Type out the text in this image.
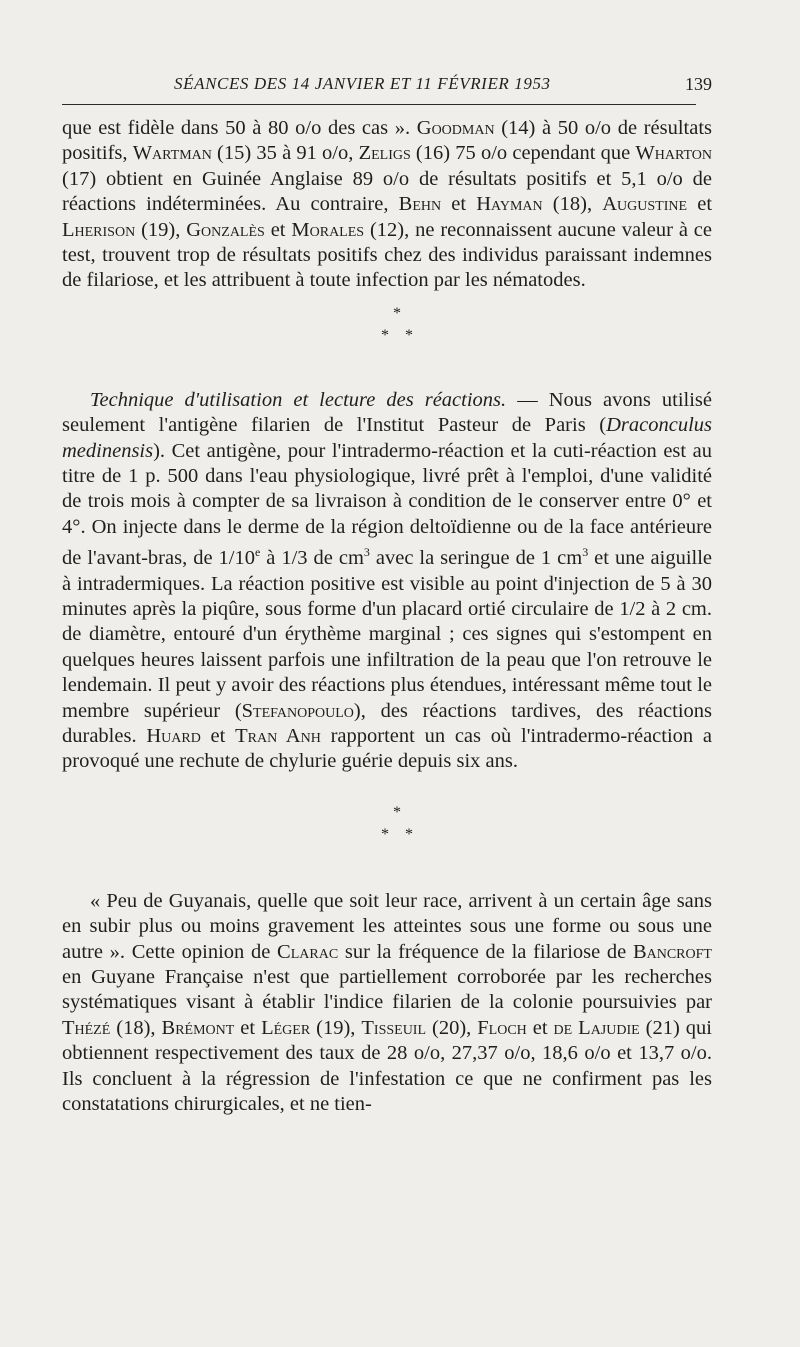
SÉANCES DES 14 JANVIER ET 11 FÉVRIER 1953	139

que est fidèle dans 50 à 80 o/o des cas ». Goodman (14) à 50 o/o de résultats positifs, Wartman (15) 35 à 91 o/o, Zeligs (16) 75 o/o cependant que Wharton (17) obtient en Guinée Anglaise 89 o/o de résultats positifs et 5,1 o/o de réactions indéterminées. Au contraire, Behn et Hayman (18), Augustine et Lherison (19), Gonzalès et Morales (12), ne reconnaissent aucune valeur à ce test, trouvent trop de résultats positifs chez des individus paraissant indemnes de filariose, et les attribuent à toute infection par les nématodes.

*
* *

Technique d'utilisation et lecture des réactions. — Nous avons utilisé seulement l'antigène filarien de l'Institut Pasteur de Paris (Draconculus medinensis). Cet antigène, pour l'intradermo-réaction et la cuti-réaction est au titre de 1 p. 500 dans l'eau physiologique, livré prêt à l'emploi, d'une validité de trois mois à compter de sa livraison à condition de le conserver entre 0° et 4°. On injecte dans le derme de la région deltoïdienne ou de la face antérieure de l'avant-bras, de 1/10e à 1/3 de $cm^3$ avec la seringue de 1 $cm^3$ et une aiguille à intradermiques. La réaction positive est visible au point d'injection de 5 à 30 minutes après la piqûre, sous forme d'un placard ortié circulaire de 1/2 à 2 cm. de diamètre, entouré d'un érythème marginal ; ces signes qui s'estompent en quelques heures laissent parfois une infiltration de la peau que l'on retrouve le lendemain. Il peut y avoir des réactions plus étendues, intéressant même tout le membre supérieur (Stefanopoulo), des réactions tardives, des réactions durables. Huard et Tran Anh rapportent un cas où l'intradermo-réaction a provoqué une rechute de chylurie guérie depuis six ans.

*
* *

« Peu de Guyanais, quelle que soit leur race, arrivent à un certain âge sans en subir plus ou moins gravement les atteintes sous une forme ou sous une autre ». Cette opinion de Clarac sur la fréquence de la filariose de Bancroft en Guyane Française n'est que partiellement corroborée par les recherches systématiques visant à établir l'indice filarien de la colonie poursuivies par Thézé (18), Brémont et Léger (19), Tisseuil (20), Floch et de Lajudie (21) qui obtiennent respectivement des taux de 28 o/o, 27,37 o/o, 18,6 o/o et 13,7 o/o. Ils concluent à la régression de l'infestation ce que ne confirment pas les constatations chirurgicales, et ne tien-
